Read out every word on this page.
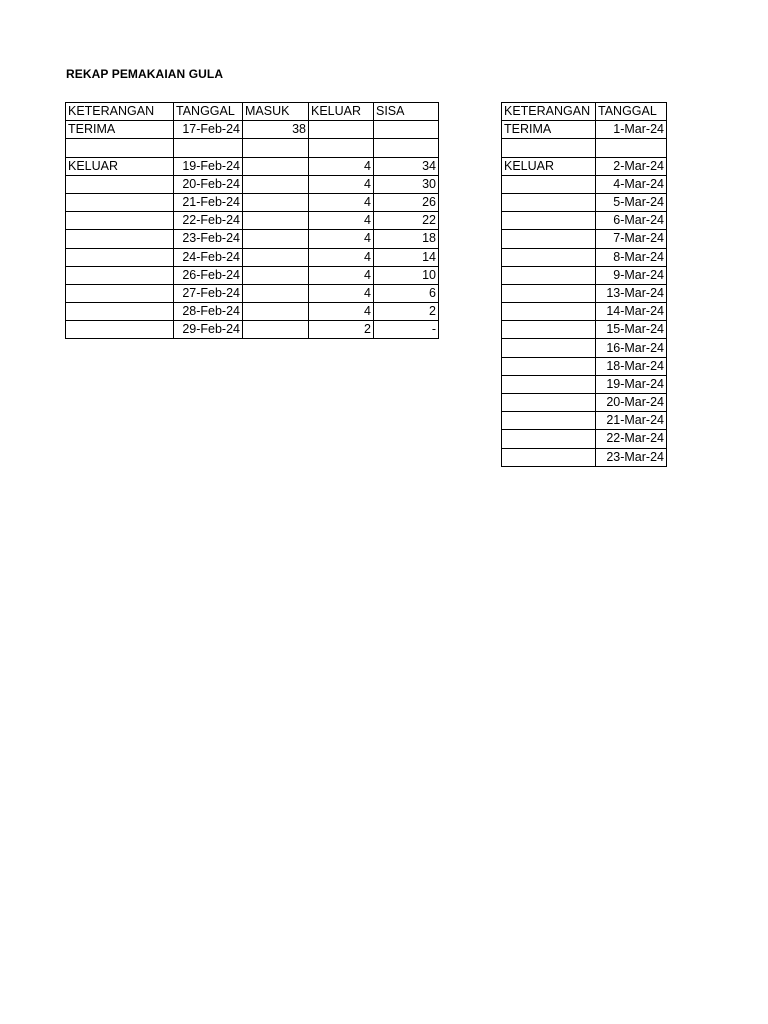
REKAP PEMAKAIAN GULA
KETERANGAN	TANGGAL	MASUK	KELUAR	SISA
TERIMA	17-Feb-24	38		

KELUAR	19-Feb-24		4	34
	20-Feb-24		4	30
	21-Feb-24		4	26
	22-Feb-24		4	22
	23-Feb-24		4	18
	24-Feb-24		4	14
	26-Feb-24		4	10
	27-Feb-24		4	6
	28-Feb-24		4	2
	29-Feb-24		2	-
KETERANGAN	TANGGAL
TERIMA	1-Mar-24

KELUAR	2-Mar-24
	4-Mar-24
	5-Mar-24
	6-Mar-24
	7-Mar-24
	8-Mar-24
	9-Mar-24
	13-Mar-24
	14-Mar-24
	15-Mar-24
	16-Mar-24
	18-Mar-24
	19-Mar-24
	20-Mar-24
	21-Mar-24
	22-Mar-24
	23-Mar-24
